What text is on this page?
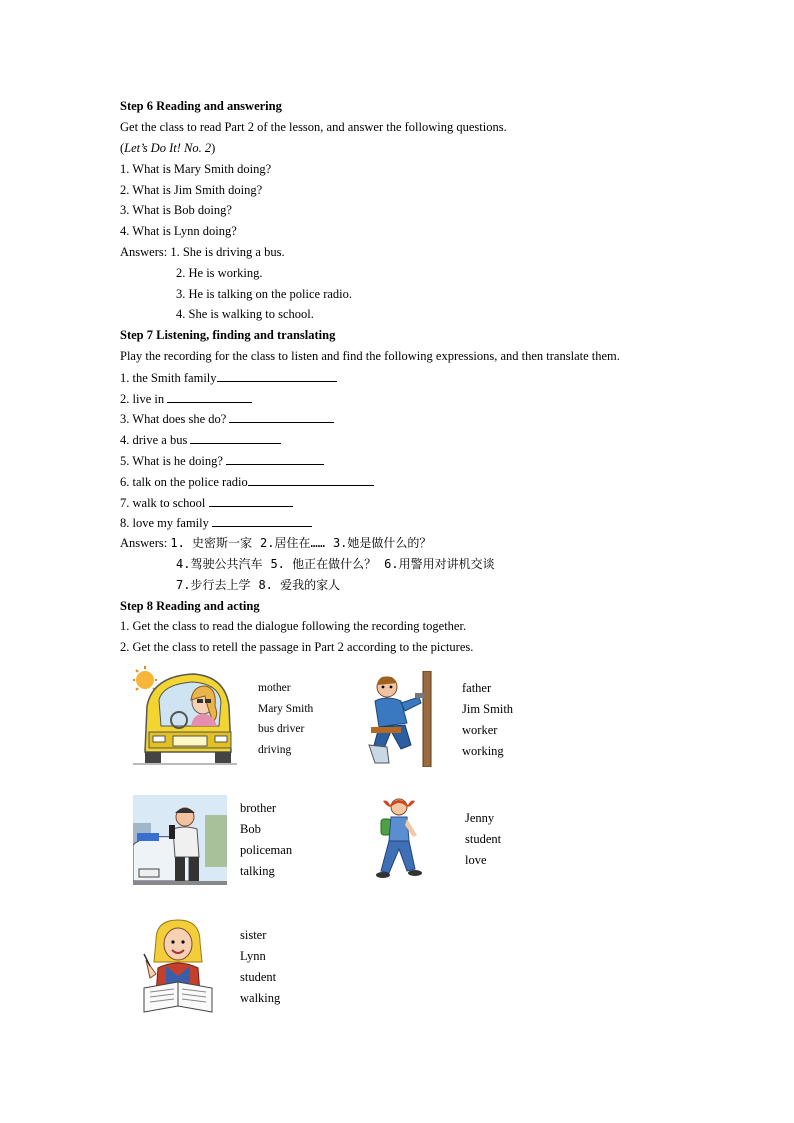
Step 6 Reading and answering
Get the class to read Part 2 of the lesson, and answer the following questions.
(Let’s Do It! No. 2)
1. What is Mary Smith doing?
2. What is Jim Smith doing?
3. What is Bob doing?
4. What is Lynn doing?
Answers: 1. She is driving a bus.
2. He is working.
3. He is talking on the police radio.
4. She is walking to school.
Step 7 Listening, finding and translating
Play the recording for the class to listen and find the following expressions, and then translate them.
1. the Smith family
2. live in
3. What does she do?
4. drive a bus
5. What is he doing?
6. talk on the police radio
7. walk to school
8. love my family
Answers: 1. 史密斯一家 2.居住在…… 3.她是做什么的？
4.驾驶公共汽车 5. 他正在做什么？ 6.用警用对讲机交谈
7.步行去上学 8. 爱我的家人
Step 8 Reading and acting
1. Get the class to read the dialogue following the recording together.
2. Get the class to retell the passage in Part 2 according to the pictures.
mother
Mary Smith
bus driver
driving
father
Jim Smith
worker
working
brother
Bob
policeman
talking
Jenny
student
love
sister
Lynn
student
walking
